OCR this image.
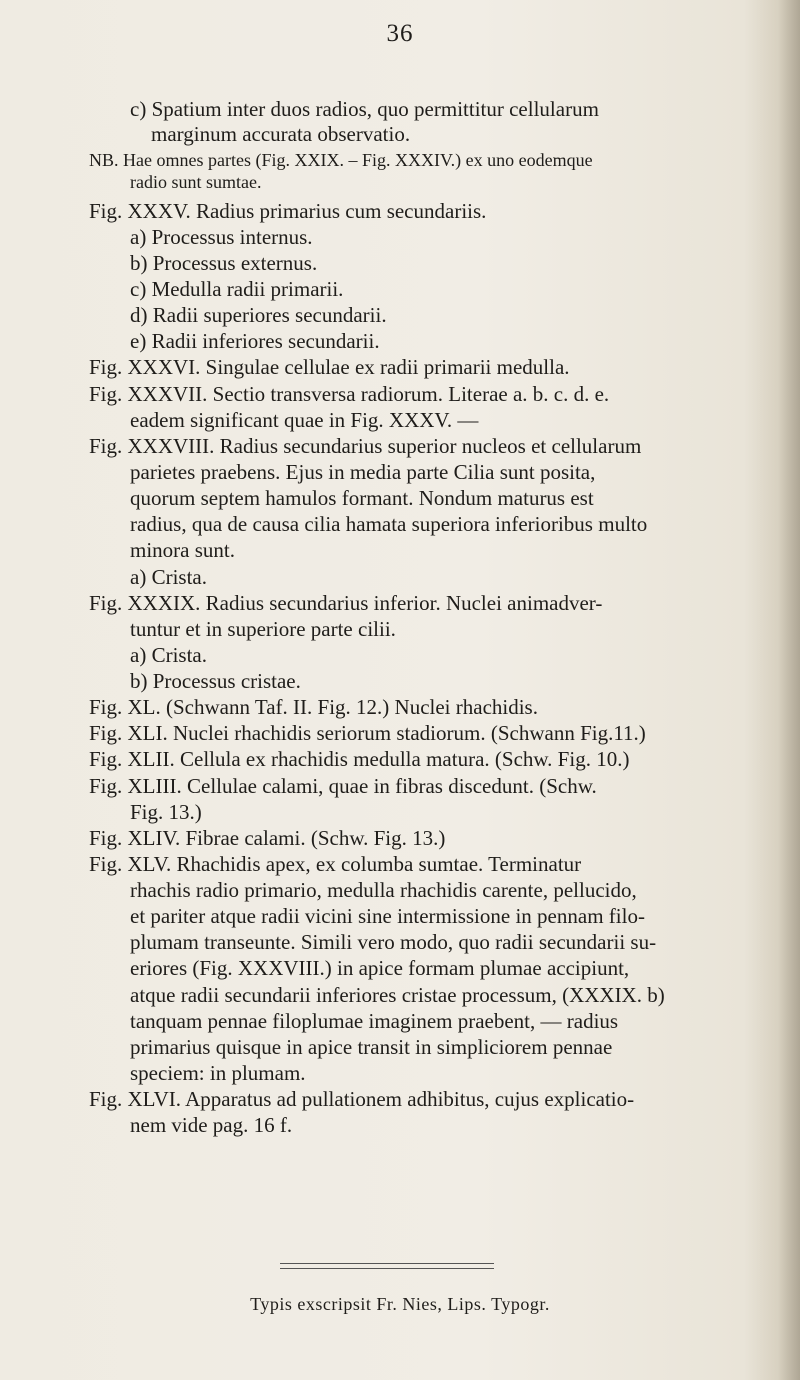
36
c) Spatium inter duos radios, quo permittitur cellularum
marginum accurata observatio.
NB. Hae omnes partes (Fig. XXIX. – Fig. XXXIV.) ex uno eodemque
radio sunt sumtae.
Fig. XXXV. Radius primarius cum secundariis.
a) Processus internus.
b) Processus externus.
c) Medulla radii primarii.
d) Radii superiores secundarii.
e) Radii inferiores secundarii.
Fig. XXXVI. Singulae cellulae ex radii primarii medulla.
Fig. XXXVII. Sectio transversa radiorum. Literae a. b. c. d. e.
eadem significant quae in Fig. XXXV. —
Fig. XXXVIII. Radius secundarius superior nucleos et cellularum
parietes praebens. Ejus in media parte Cilia sunt posita,
quorum septem hamulos formant. Nondum maturus est
radius, qua de causa cilia hamata superiora inferioribus multo
minora sunt.
a) Crista.
Fig. XXXIX. Radius secundarius inferior. Nuclei animadver-
tuntur et in superiore parte cilii.
a) Crista.
b) Processus cristae.
Fig. XL. (Schwann Taf. II. Fig. 12.) Nuclei rhachidis.
Fig. XLI. Nuclei rhachidis seriorum stadiorum. (Schwann Fig.11.)
Fig. XLII. Cellula ex rhachidis medulla matura. (Schw. Fig. 10.)
Fig. XLIII. Cellulae calami, quae in fibras discedunt. (Schw.
Fig. 13.)
Fig. XLIV. Fibrae calami. (Schw. Fig. 13.)
Fig. XLV. Rhachidis apex, ex columba sumtae. Terminatur
rhachis radio primario, medulla rhachidis carente, pellucido,
et pariter atque radii vicini sine intermissione in pennam filo-
plumam transeunte. Simili vero modo, quo radii secundarii su-
eriores (Fig. XXXVIII.) in apice formam plumae accipiunt,
atque radii secundarii inferiores cristae processum, (XXXIX. b)
tanquam pennae filoplumae imaginem praebent, — radius
primarius quisque in apice transit in simpliciorem pennae
speciem: in plumam.
Fig. XLVI. Apparatus ad pullationem adhibitus, cujus explicatio-
nem vide pag. 16 f.
Typis exscripsit Fr. Nies, Lips. Typogr.
